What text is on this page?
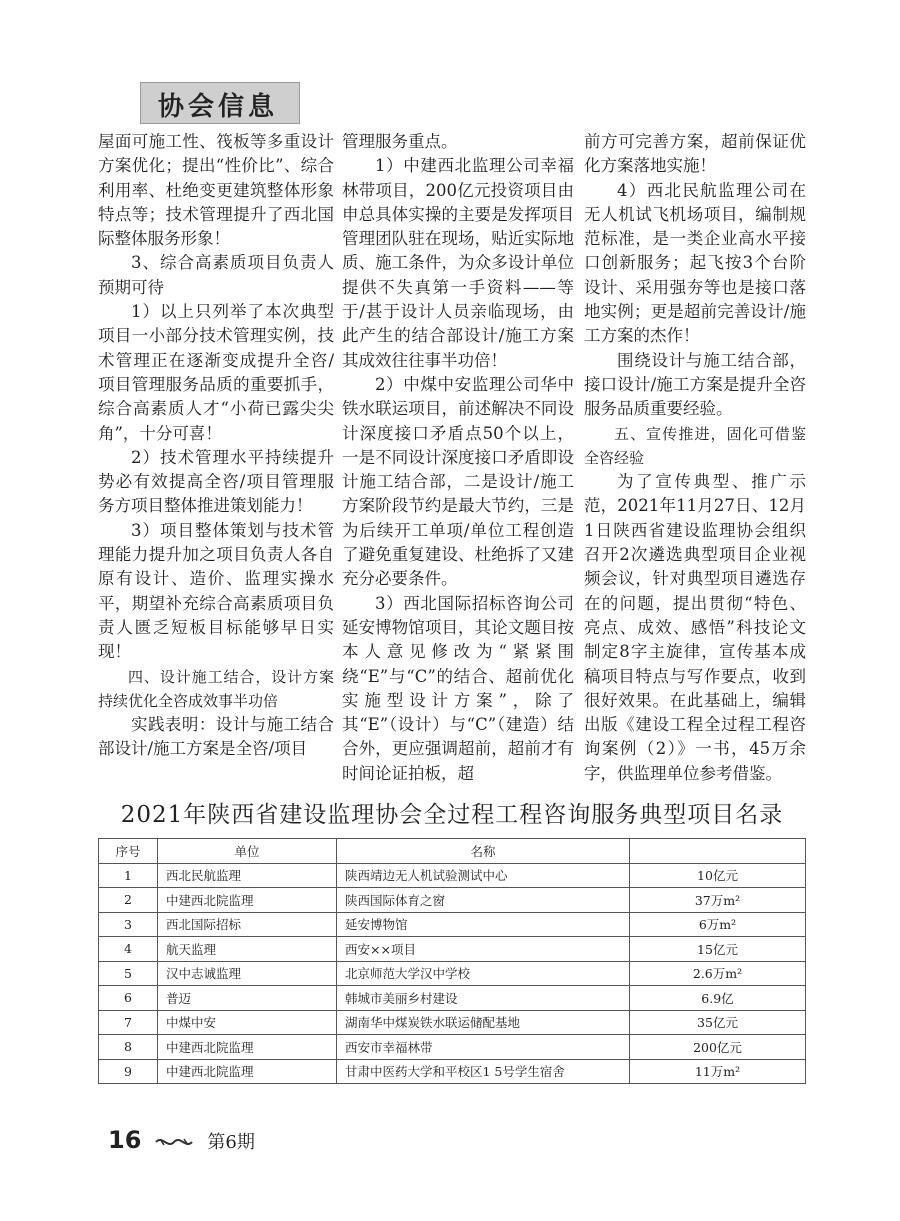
协会信息

屋面可施工性、筏板等多重设计方案优化；提出“性价比”、综合利用率、杜绝变更建筑整体形象特点等；技术管理提升了西北国际整体服务形象！

3、综合高素质项目负责人预期可待

1）以上只列举了本次典型项目一小部分技术管理实例，技术管理正在逐渐变成提升全咨/项目管理服务品质的重要抓手，综合高素质人才“小荷已露尖尖角”，十分可喜！

2）技术管理水平持续提升势必有效提高全咨/项目管理服务方项目整体推进策划能力！

3）项目整体策划与技术管理能力提升加之项目负责人各自原有设计、造价、监理实操水平，期望补充综合高素质项目负责人匮乏短板目标能够早日实现！

四、设计施工结合，设计方案持续优化全咨成效事半功倍

实践表明：设计与施工结合部设计/施工方案是全咨/项目

管理服务重点。

1）中建西北监理公司幸福林带项目，200亿元投资项目由申总具体实操的主要是发挥项目管理团队驻在现场，贴近实际地质、施工条件，为众多设计单位提供不失真第一手资料——等于/甚于设计人员亲临现场，由此产生的结合部设计/施工方案其成效往往事半功倍！

2）中煤中安监理公司华中铁水联运项目，前述解决不同设计深度接口矛盾点50个以上，一是不同设计深度接口矛盾即设计施工结合部，二是设计/施工方案阶段节约是最大节约，三是为后续开工单项/单位工程创造了避免重复建设、杜绝拆了又建充分必要条件。

3）西北国际招标咨询公司延安博物馆项目，其论文题目按本人意见修改为“紧紧围绕“E”与“C”的结合、超前优化实施型设计方案”，除了其“E”（设计）与“C”（建造）结合外，更应强调超前，超前才有时间论证拍板，超

前方可完善方案，超前保证优化方案落地实施！

4）西北民航监理公司在无人机试飞机场项目，编制规范标准，是一类企业高水平接口创新服务；起飞按3个台阶设计、采用强夯等也是接口落地实例；更是超前完善设计/施工方案的杰作！

围绕设计与施工结合部，接口设计/施工方案是提升全咨服务品质重要经验。

五、宣传推进，固化可借鉴全咨经验

为了宣传典型、推广示范，2021年11月27日、12月1日陕西省建设监理协会组织召开2次遴选典型项目企业视频会议，针对典型项目遴选存在的问题，提出贯彻“特色、亮点、成效、感悟”科技论文制定8字主旋律，宣传基本成稿项目特点与写作要点，收到很好效果。在此基础上，编辑出版《建设工程全过程工程咨询案例（2）》一书，45万余字，供监理单位参考借鉴。

2021年陕西省建设监理协会全过程工程咨询服务典型项目名录
序号	单位	名称	
1	西北民航监理	陕西靖边无人机试验测试中心	10亿元
2	中建西北院监理	陕西国际体育之窗	37万m²
3	西北国际招标	延安博物馆	6万m²
4	航天监理	西安××项目	15亿元
5	汉中志诚监理	北京师范大学汉中学校	2.6万m²
6	普迈	韩城市美丽乡村建设	6.9亿
7	中煤中安	湖南华中煤炭铁水联运储配基地	35亿元
8	中建西北院监理	西安市幸福林带	200亿元
9	中建西北院监理	甘肃中医药大学和平校区1 5号学生宿舍	11万m²
16	第6期
